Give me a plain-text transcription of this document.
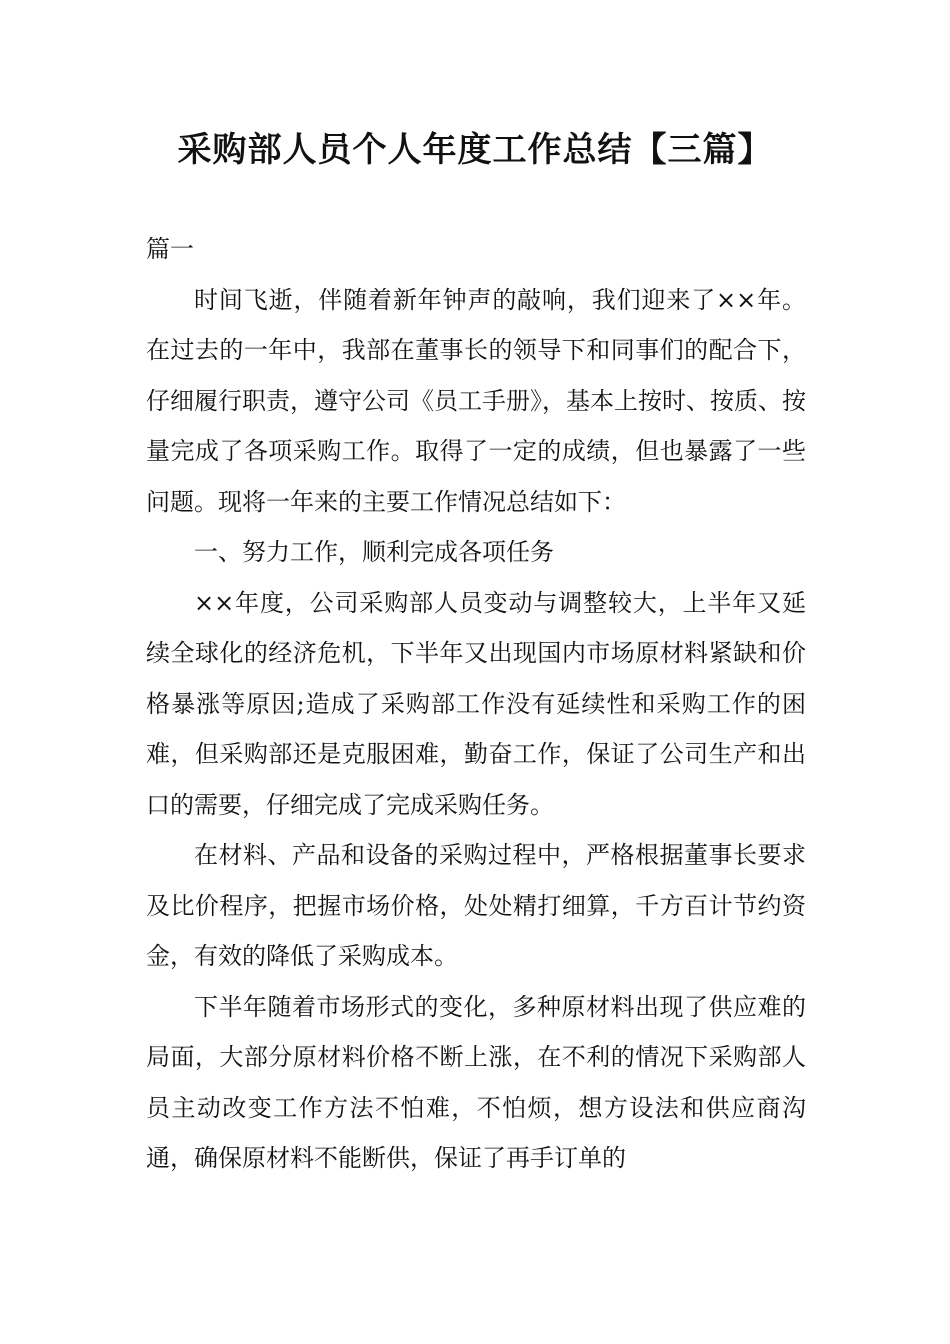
采购部人员个人年度工作总结【三篇】

篇一

时间飞逝，伴随着新年钟声的敲响，我们迎来了××年。在过去的一年中，我部在董事长的领导下和同事们的配合下，仔细履行职责，遵守公司《员工手册》，基本上按时、按质、按量完成了各项采购工作。取得了一定的成绩，但也暴露了一些问题。现将一年来的主要工作情况总结如下：

一、努力工作，顺利完成各项任务

××年度，公司采购部人员变动与调整较大，上半年又延续全球化的经济危机，下半年又出现国内市场原材料紧缺和价格暴涨等原因;造成了采购部工作没有延续性和采购工作的困难，但采购部还是克服困难，勤奋工作，保证了公司生产和出口的需要，仔细完成了完成采购任务。

在材料、产品和设备的采购过程中，严格根据董事长要求及比价程序，把握市场价格，处处精打细算，千方百计节约资金，有效的降低了采购成本。

下半年随着市场形式的变化，多种原材料出现了供应难的局面，大部分原材料价格不断上涨，在不利的情况下采购部人员主动改变工作方法不怕难，不怕烦，想方设法和供应商沟通，确保原材料不能断供，保证了再手订单的
